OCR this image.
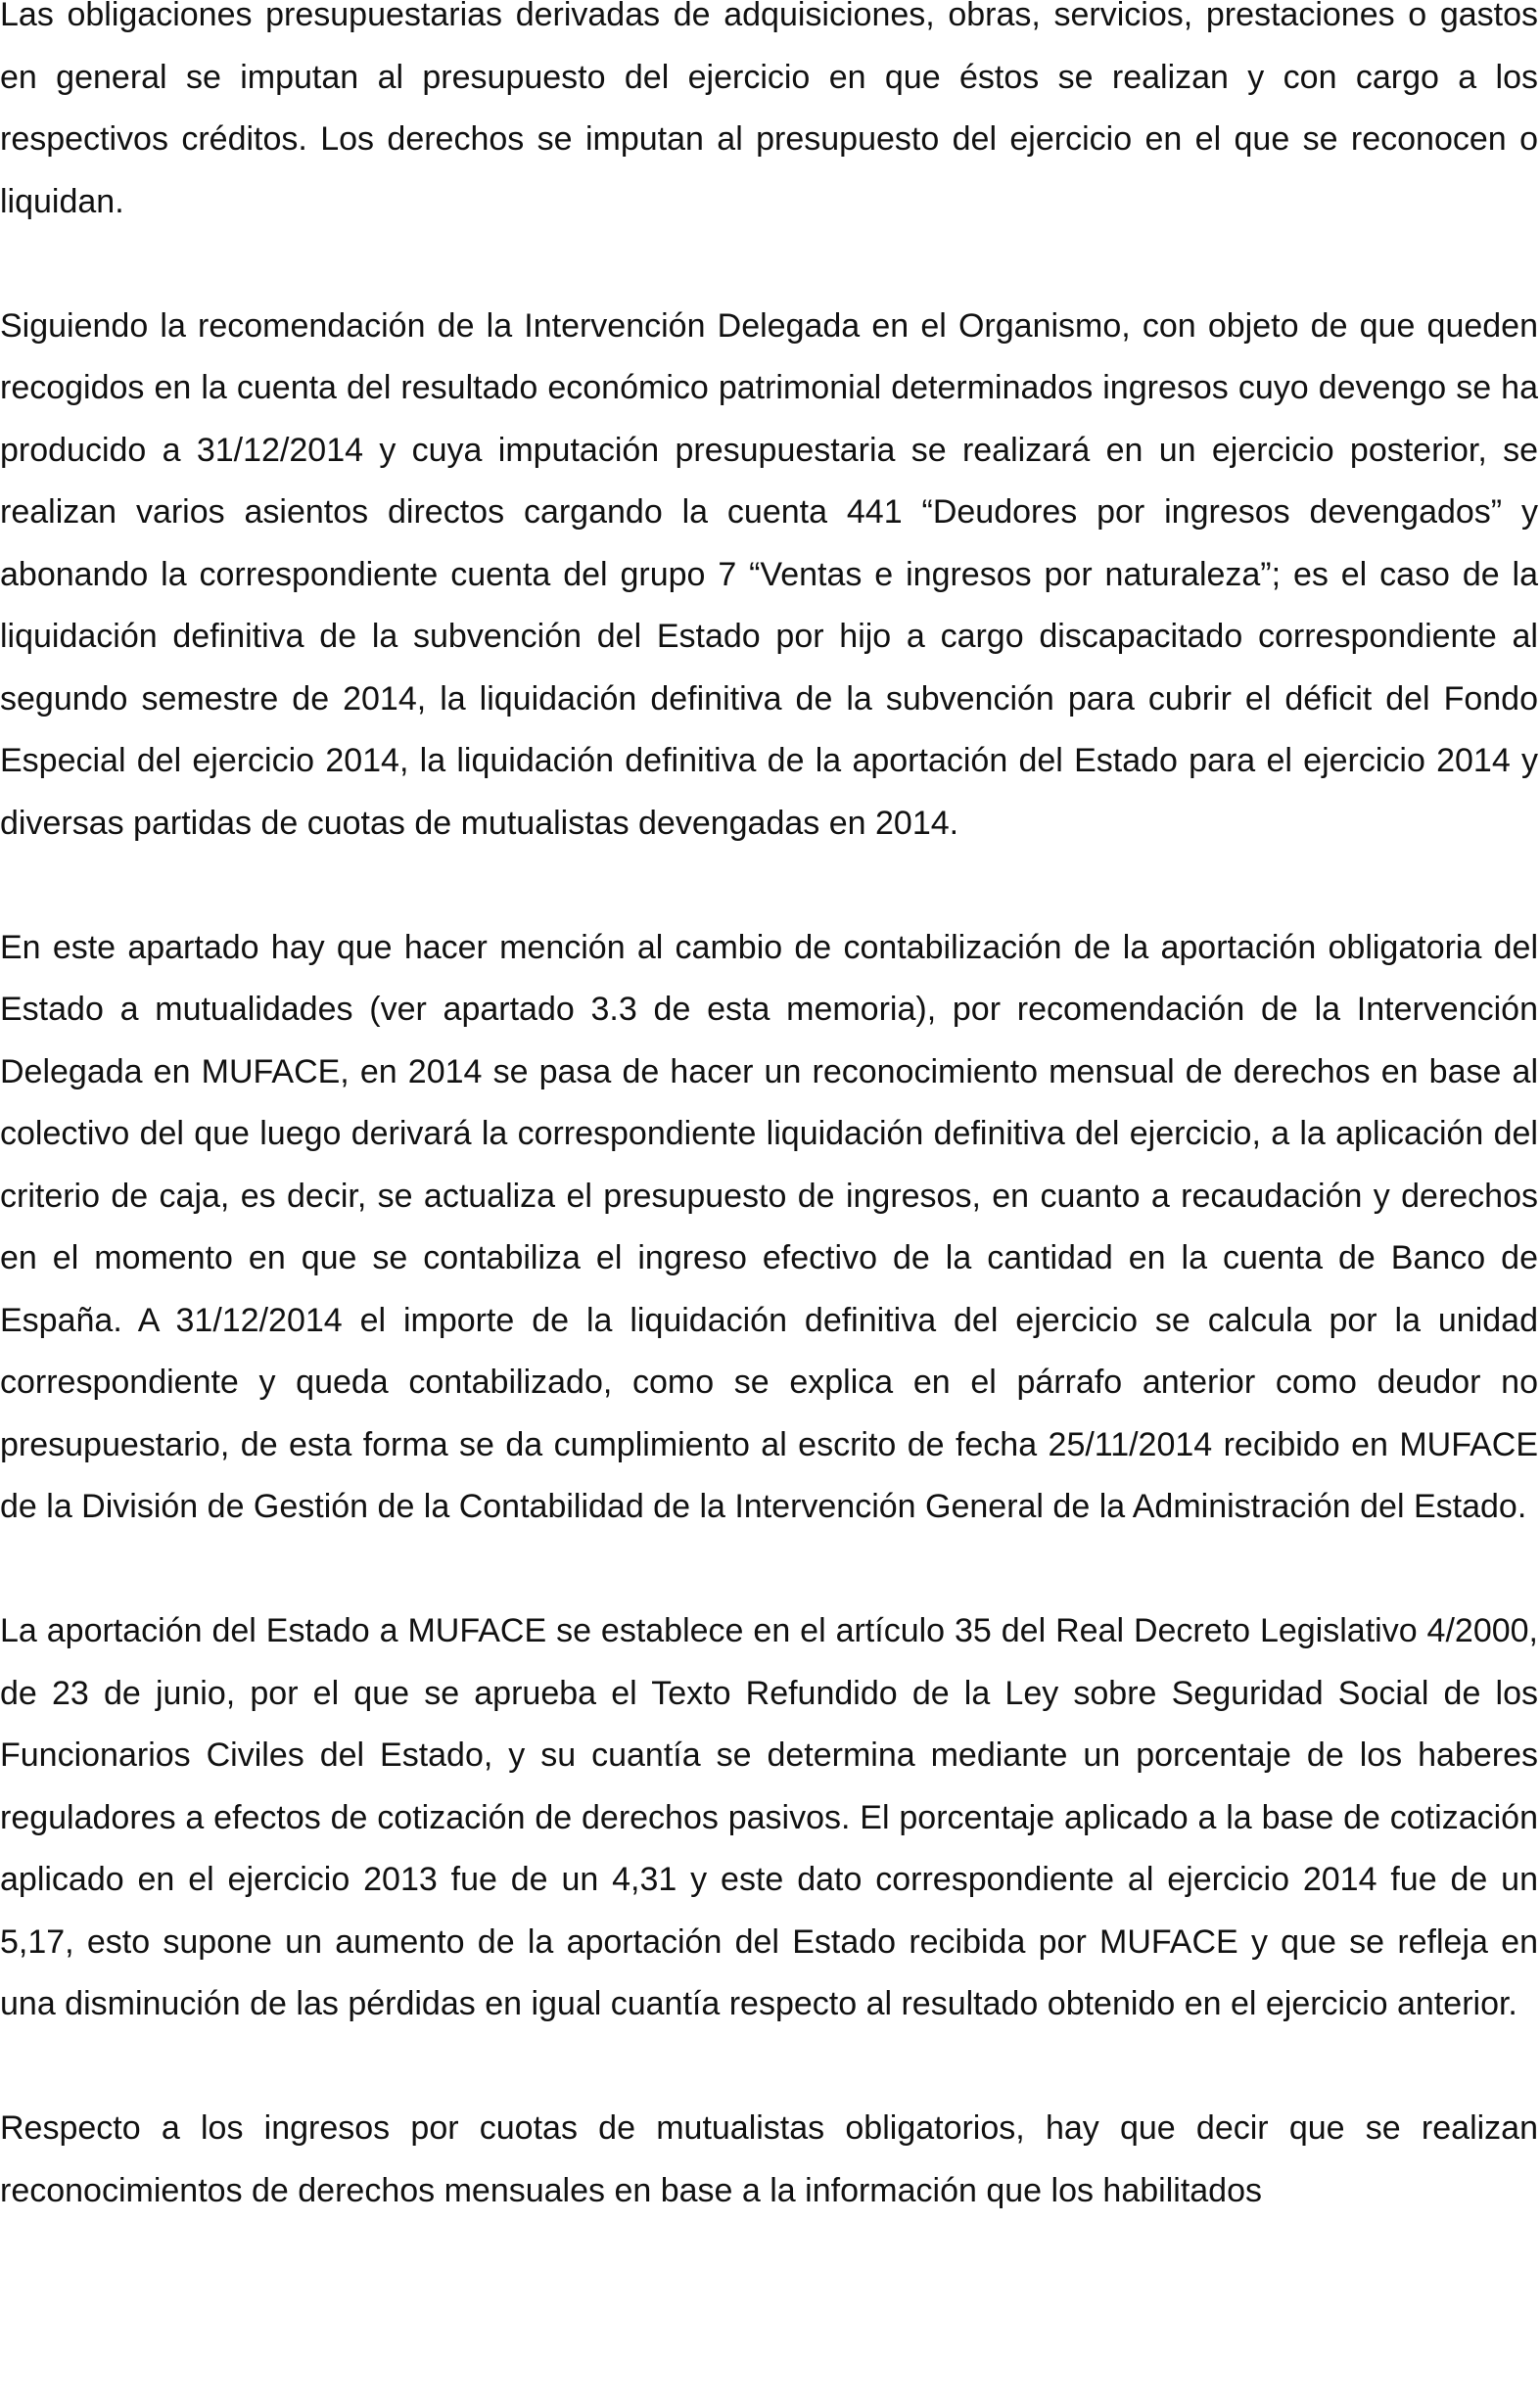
Las obligaciones presupuestarias derivadas de adquisiciones, obras, servicios, prestaciones o gastos en general se imputan al presupuesto del ejercicio en que éstos se realizan y con cargo a los respectivos créditos. Los derechos se imputan al presupuesto del ejercicio en el que se reconocen o liquidan.

Siguiendo la recomendación de la Intervención Delegada en el Organismo, con objeto de que queden recogidos en la cuenta del resultado económico patrimonial determinados ingresos cuyo devengo se ha producido a 31/12/2014 y cuya imputación presupuestaria se realizará en un ejercicio posterior, se realizan varios asientos directos cargando la cuenta 441 “Deudores por ingresos devengados” y abonando la correspondiente cuenta del grupo 7 “Ventas e ingresos por naturaleza”; es el caso de la liquidación definitiva de la subvención del Estado por hijo a cargo discapacitado correspondiente al segundo semestre de 2014, la liquidación definitiva de la subvención para cubrir el déficit del Fondo Especial del ejercicio 2014, la liquidación definitiva de la aportación del Estado para el ejercicio 2014 y diversas partidas de cuotas de mutualistas devengadas en 2014.

En este apartado hay que hacer mención al cambio de contabilización de la aportación obligatoria del Estado a mutualidades (ver apartado 3.3 de esta memoria), por recomendación de la Intervención Delegada en MUFACE, en 2014 se pasa de hacer un reconocimiento mensual de derechos en base al colectivo del que luego derivará la correspondiente liquidación definitiva del ejercicio, a la aplicación del criterio de caja, es decir, se actualiza el presupuesto de ingresos, en cuanto a recaudación y derechos en el momento en que se contabiliza el ingreso efectivo de la cantidad en la cuenta de Banco de España. A 31/12/2014 el importe de la liquidación definitiva del ejercicio se calcula por la unidad correspondiente y queda contabilizado, como se explica en el párrafo anterior como deudor no presupuestario, de esta forma se da cumplimiento al escrito de fecha 25/11/2014 recibido en MUFACE de la División de Gestión de la Contabilidad de la Intervención General de la Administración del Estado.

La aportación del Estado a MUFACE se establece en el artículo 35 del Real Decreto Legislativo 4/2000, de 23 de junio, por el que se aprueba el Texto Refundido de la Ley sobre Seguridad Social de los Funcionarios Civiles del Estado, y su cuantía se determina mediante un porcentaje de los haberes reguladores a efectos de cotización de derechos pasivos. El porcentaje aplicado a la base de cotización aplicado en el ejercicio 2013 fue de un 4,31 y este dato correspondiente al ejercicio 2014 fue de un 5,17, esto supone un aumento de la aportación del Estado recibida por MUFACE y que se refleja en una disminución de las pérdidas en igual cuantía respecto al resultado obtenido en el ejercicio anterior.

Respecto a los ingresos por cuotas de mutualistas obligatorios, hay que decir que se realizan reconocimientos de derechos mensuales en base a la información que los habilitados
